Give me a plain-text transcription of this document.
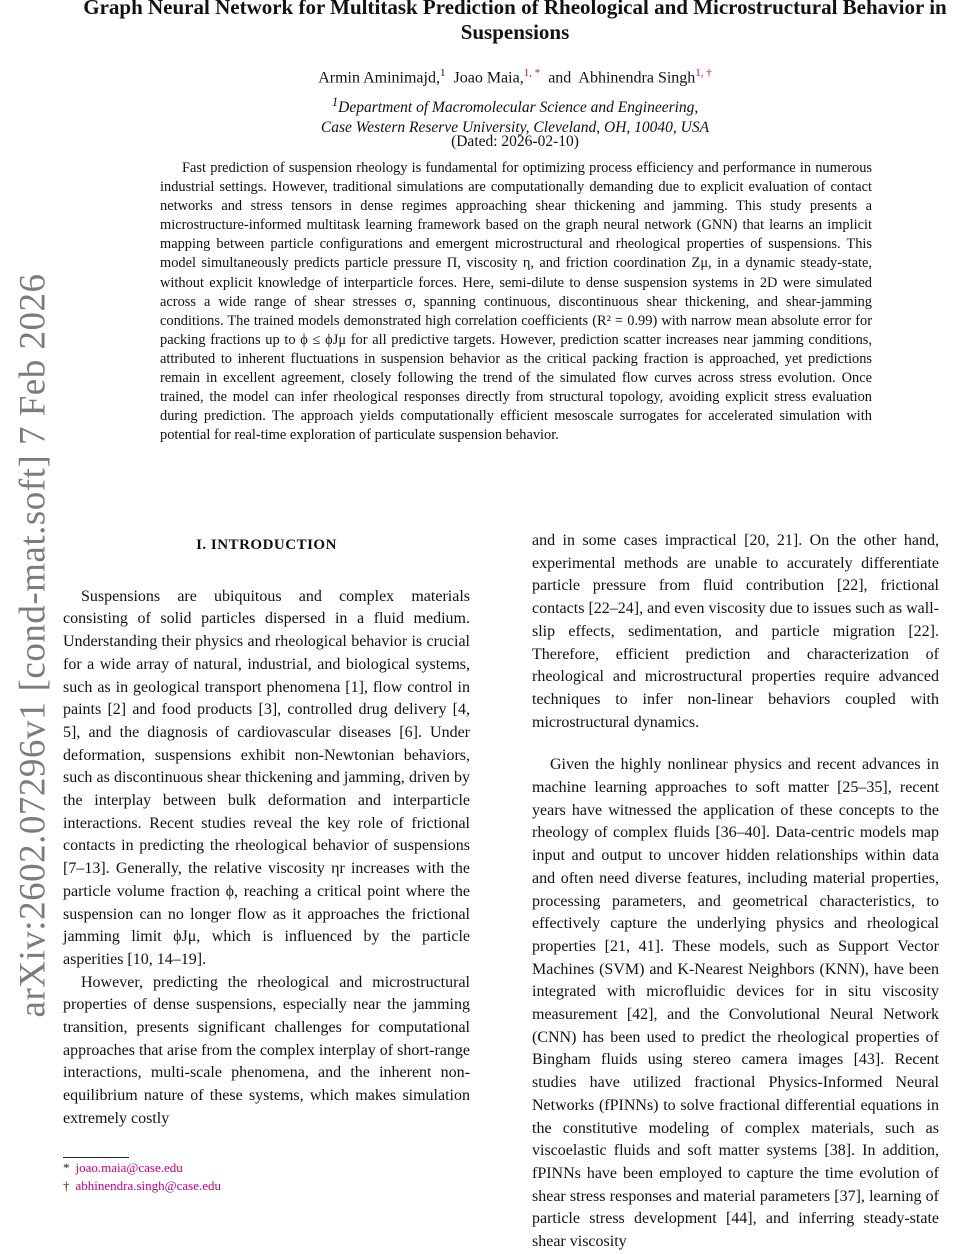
arXiv:2602.07296v1 [cond-mat.soft] 7 Feb 2026
Graph Neural Network for Multitask Prediction of Rheological and Microstructural Behavior in Suspensions
Armin Aminimajd,$^1$ Joao Maia,$^{1, *}$ and Abhinendra Singh$^{1, \dagger}$
$^1$Department of Macromolecular Science and Engineering,
Case Western Reserve University, Cleveland, OH, 10040, USA
(Dated: 2026-02-10)

Fast prediction of suspension rheology is fundamental for optimizing process efficiency and performance in numerous industrial settings. However, traditional simulations are computationally demanding due to explicit evaluation of contact networks and stress tensors in dense regimes approaching shear thickening and jamming. This study presents a microstructure-informed multitask learning framework based on the graph neural network (GNN) that learns an implicit mapping between particle configurations and emergent microstructural and rheological properties of suspensions. This model simultaneously predicts particle pressure Π, viscosity η, and friction coordination Zμ, in a dynamic steady-state, without explicit knowledge of interparticle forces. Here, semi-dilute to dense suspension systems in 2D were simulated across a wide range of shear stresses σ, spanning continuous, discontinuous shear thickening, and shear-jamming conditions. The trained models demonstrated high correlation coefficients (R² = 0.99) with narrow mean absolute error for packing fractions up to ϕ ≤ ϕJμ for all predictive targets. However, prediction scatter increases near jamming conditions, attributed to inherent fluctuations in suspension behavior as the critical packing fraction is approached, yet predictions remain in excellent agreement, closely following the trend of the simulated flow curves across stress evolution. Once trained, the model can infer rheological responses directly from structural topology, avoiding explicit stress evaluation during prediction. The approach yields computationally efficient mesoscale surrogates for accelerated simulation with potential for real-time exploration of particulate suspension behavior.

I. INTRODUCTION

Suspensions are ubiquitous and complex materials consisting of solid particles dispersed in a fluid medium. Understanding their physics and rheological behavior is crucial for a wide array of natural, industrial, and biological systems, such as in geological transport phenomena [1], flow control in paints [2] and food products [3], controlled drug delivery [4, 5], and the diagnosis of cardiovascular diseases [6]. Under deformation, suspensions exhibit non-Newtonian behaviors, such as discontinuous shear thickening and jamming, driven by the interplay between bulk deformation and interparticle interactions. Recent studies reveal the key role of frictional contacts in predicting the rheological behavior of suspensions [7–13]. Generally, the relative viscosity ηr increases with the particle volume fraction ϕ, reaching a critical point where the suspension can no longer flow as it approaches the frictional jamming limit ϕJμ, which is influenced by the particle asperities [10, 14–19].

However, predicting the rheological and microstructural properties of dense suspensions, especially near the jamming transition, presents significant challenges for computational approaches that arise from the complex interplay of short-range interactions, multi-scale phenomena, and the inherent non-equilibrium nature of these systems, which makes simulation extremely costly

and in some cases impractical [20, 21]. On the other hand, experimental methods are unable to accurately differentiate particle pressure from fluid contribution [22], frictional contacts [22–24], and even viscosity due to issues such as wall-slip effects, sedimentation, and particle migration [22]. Therefore, efficient prediction and characterization of rheological and microstructural properties require advanced techniques to infer non-linear behaviors coupled with microstructural dynamics.

Given the highly nonlinear physics and recent advances in machine learning approaches to soft matter [25–35], recent years have witnessed the application of these concepts to the rheology of complex fluids [36–40]. Data-centric models map input and output to uncover hidden relationships within data and often need diverse features, including material properties, processing parameters, and geometrical characteristics, to effectively capture the underlying physics and rheological properties [21, 41]. These models, such as Support Vector Machines (SVM) and K-Nearest Neighbors (KNN), have been integrated with microfluidic devices for in situ viscosity measurement [42], and the Convolutional Neural Network (CNN) has been used to predict the rheological properties of Bingham fluids using stereo camera images [43]. Recent studies have utilized fractional Physics-Informed Neural Networks (fPINNs) to solve fractional differential equations in the constitutive modeling of complex materials, such as viscoelastic fluids and soft matter systems [38]. In addition, fPINNs have been employed to capture the time evolution of shear stress responses and material parameters [37], learning of particle stress development [44], and inferring steady-state shear viscosity

* joao.maia@case.edu
† abhinendra.singh@case.edu
